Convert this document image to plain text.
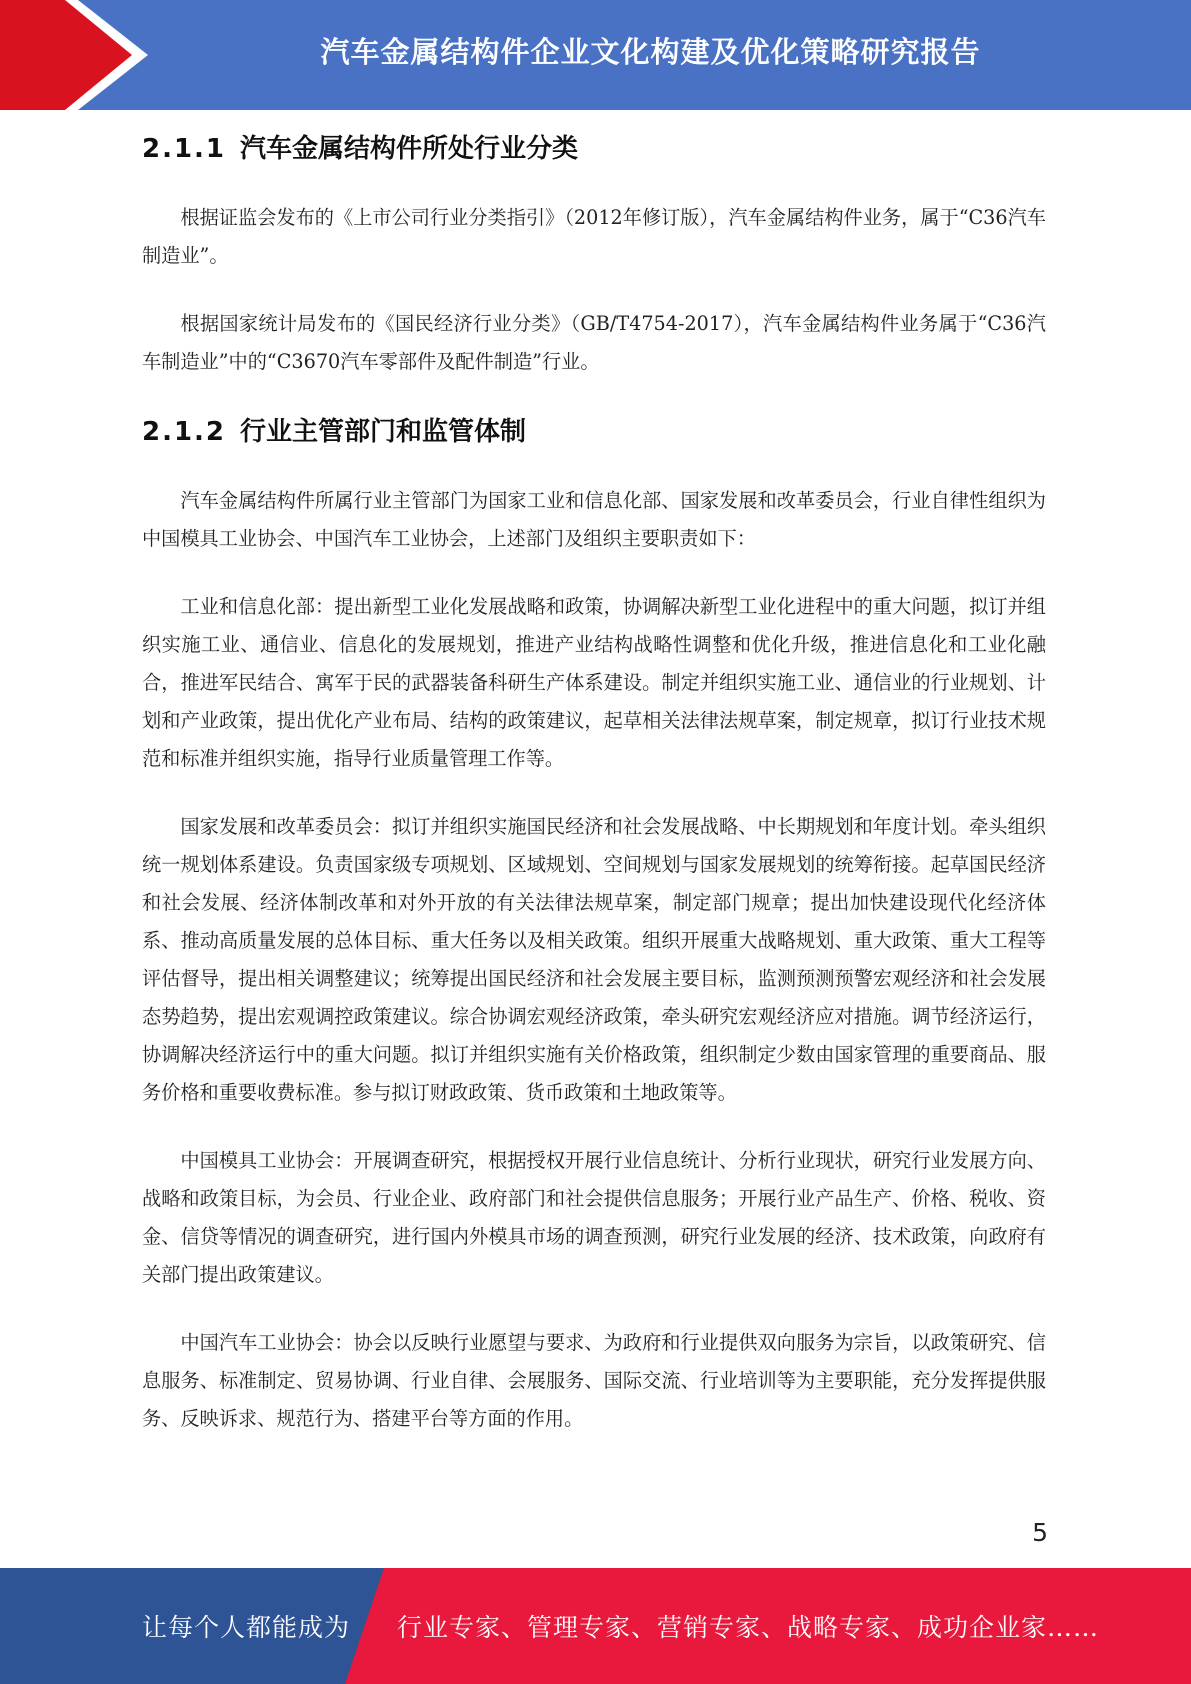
汽车金属结构件企业文化构建及优化策略研究报告
2.1.1 汽车金属结构件所处行业分类

根据证监会发布的《上市公司行业分类指引》（2012年修订版），汽车金属结构件业务，属于“C36汽车制造业”。

根据国家统计局发布的《国民经济行业分类》（GB/T4754-2017），汽车金属结构件业务属于“C36汽车制造业”中的“C3670汽车零部件及配件制造”行业。

2.1.2 行业主管部门和监管体制

汽车金属结构件所属行业主管部门为国家工业和信息化部、国家发展和改革委员会，行业自律性组织为中国模具工业协会、中国汽车工业协会，上述部门及组织主要职责如下：

工业和信息化部：提出新型工业化发展战略和政策，协调解决新型工业化进程中的重大问题，拟订并组织实施工业、通信业、信息化的发展规划，推进产业结构战略性调整和优化升级，推进信息化和工业化融合，推进军民结合、寓军于民的武器装备科研生产体系建设。制定并组织实施工业、通信业的行业规划、计划和产业政策，提出优化产业布局、结构的政策建议，起草相关法律法规草案，制定规章，拟订行业技术规范和标准并组织实施，指导行业质量管理工作等。

国家发展和改革委员会：拟订并组织实施国民经济和社会发展战略、中长期规划和年度计划。牵头组织统一规划体系建设。负责国家级专项规划、区域规划、空间规划与国家发展规划的统筹衔接。起草国民经济和社会发展、经济体制改革和对外开放的有关法律法规草案，制定部门规章；提出加快建设现代化经济体系、推动高质量发展的总体目标、重大任务以及相关政策。组织开展重大战略规划、重大政策、重大工程等评估督导，提出相关调整建议；统筹提出国民经济和社会发展主要目标，监测预测预警宏观经济和社会发展态势趋势，提出宏观调控政策建议。综合协调宏观经济政策，牵头研究宏观经济应对措施。调节经济运行，协调解决经济运行中的重大问题。拟订并组织实施有关价格政策，组织制定少数由国家管理的重要商品、服务价格和重要收费标准。参与拟订财政政策、货币政策和土地政策等。

中国模具工业协会：开展调查研究，根据授权开展行业信息统计、分析行业现状，研究行业发展方向、战略和政策目标，为会员、行业企业、政府部门和社会提供信息服务；开展行业产品生产、价格、税收、资金、信贷等情况的调查研究，进行国内外模具市场的调查预测，研究行业发展的经济、技术政策，向政府有关部门提出政策建议。

中国汽车工业协会：协会以反映行业愿望与要求、为政府和行业提供双向服务为宗旨，以政策研究、信息服务、标准制定、贸易协调、行业自律、会展服务、国际交流、行业培训等为主要职能，充分发挥提供服务、反映诉求、规范行为、搭建平台等方面的作用。

5
让每个人都能成为 行业专家、管理专家、营销专家、战略专家、成功企业家……
